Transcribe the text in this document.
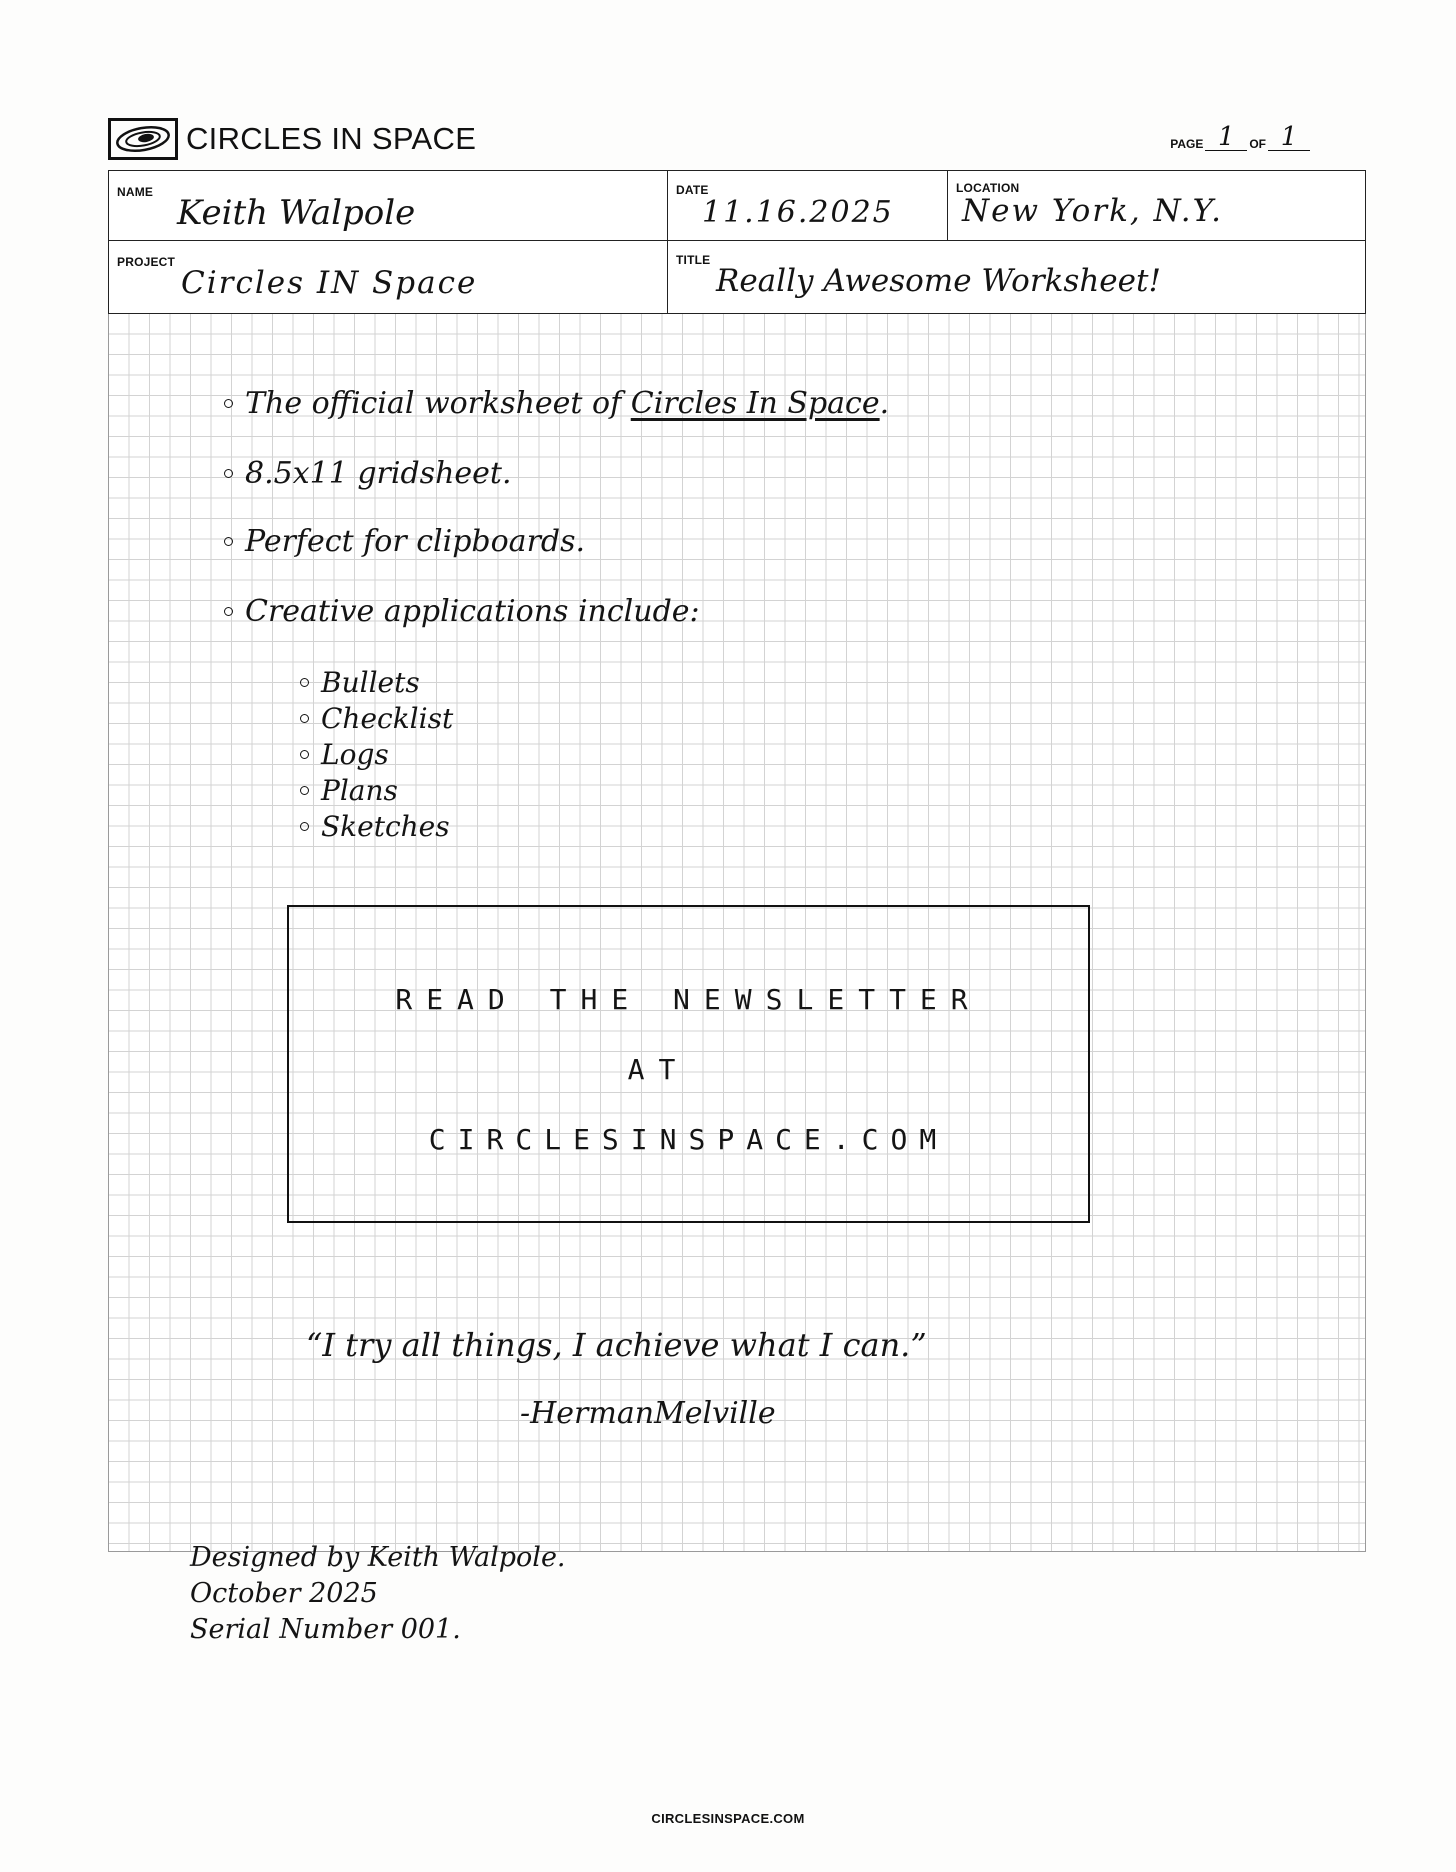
CIRCLES IN SPACE	PAGE 1	OF 1
NAME
Keith Walpole
DATE
11.16.2025
LOCATION
New York, N.Y.
PROJECT
Circles IN Space
TITLE
Really Awesome Worksheet!
The official worksheet of Circles In Space.
8.5x11 gridsheet.
Perfect for clipboards.
Creative applications include:
Bullets
Checklist
Logs
Plans
Sketches
READ THE NEWSLETTER
AT
CIRCLESINSPACE.COM
“I try all things, I achieve what I can.”
-HermanMelville
Designed by Keith Walpole.
October 2025
Serial Number 001.
CIRCLESINSPACE.COM
